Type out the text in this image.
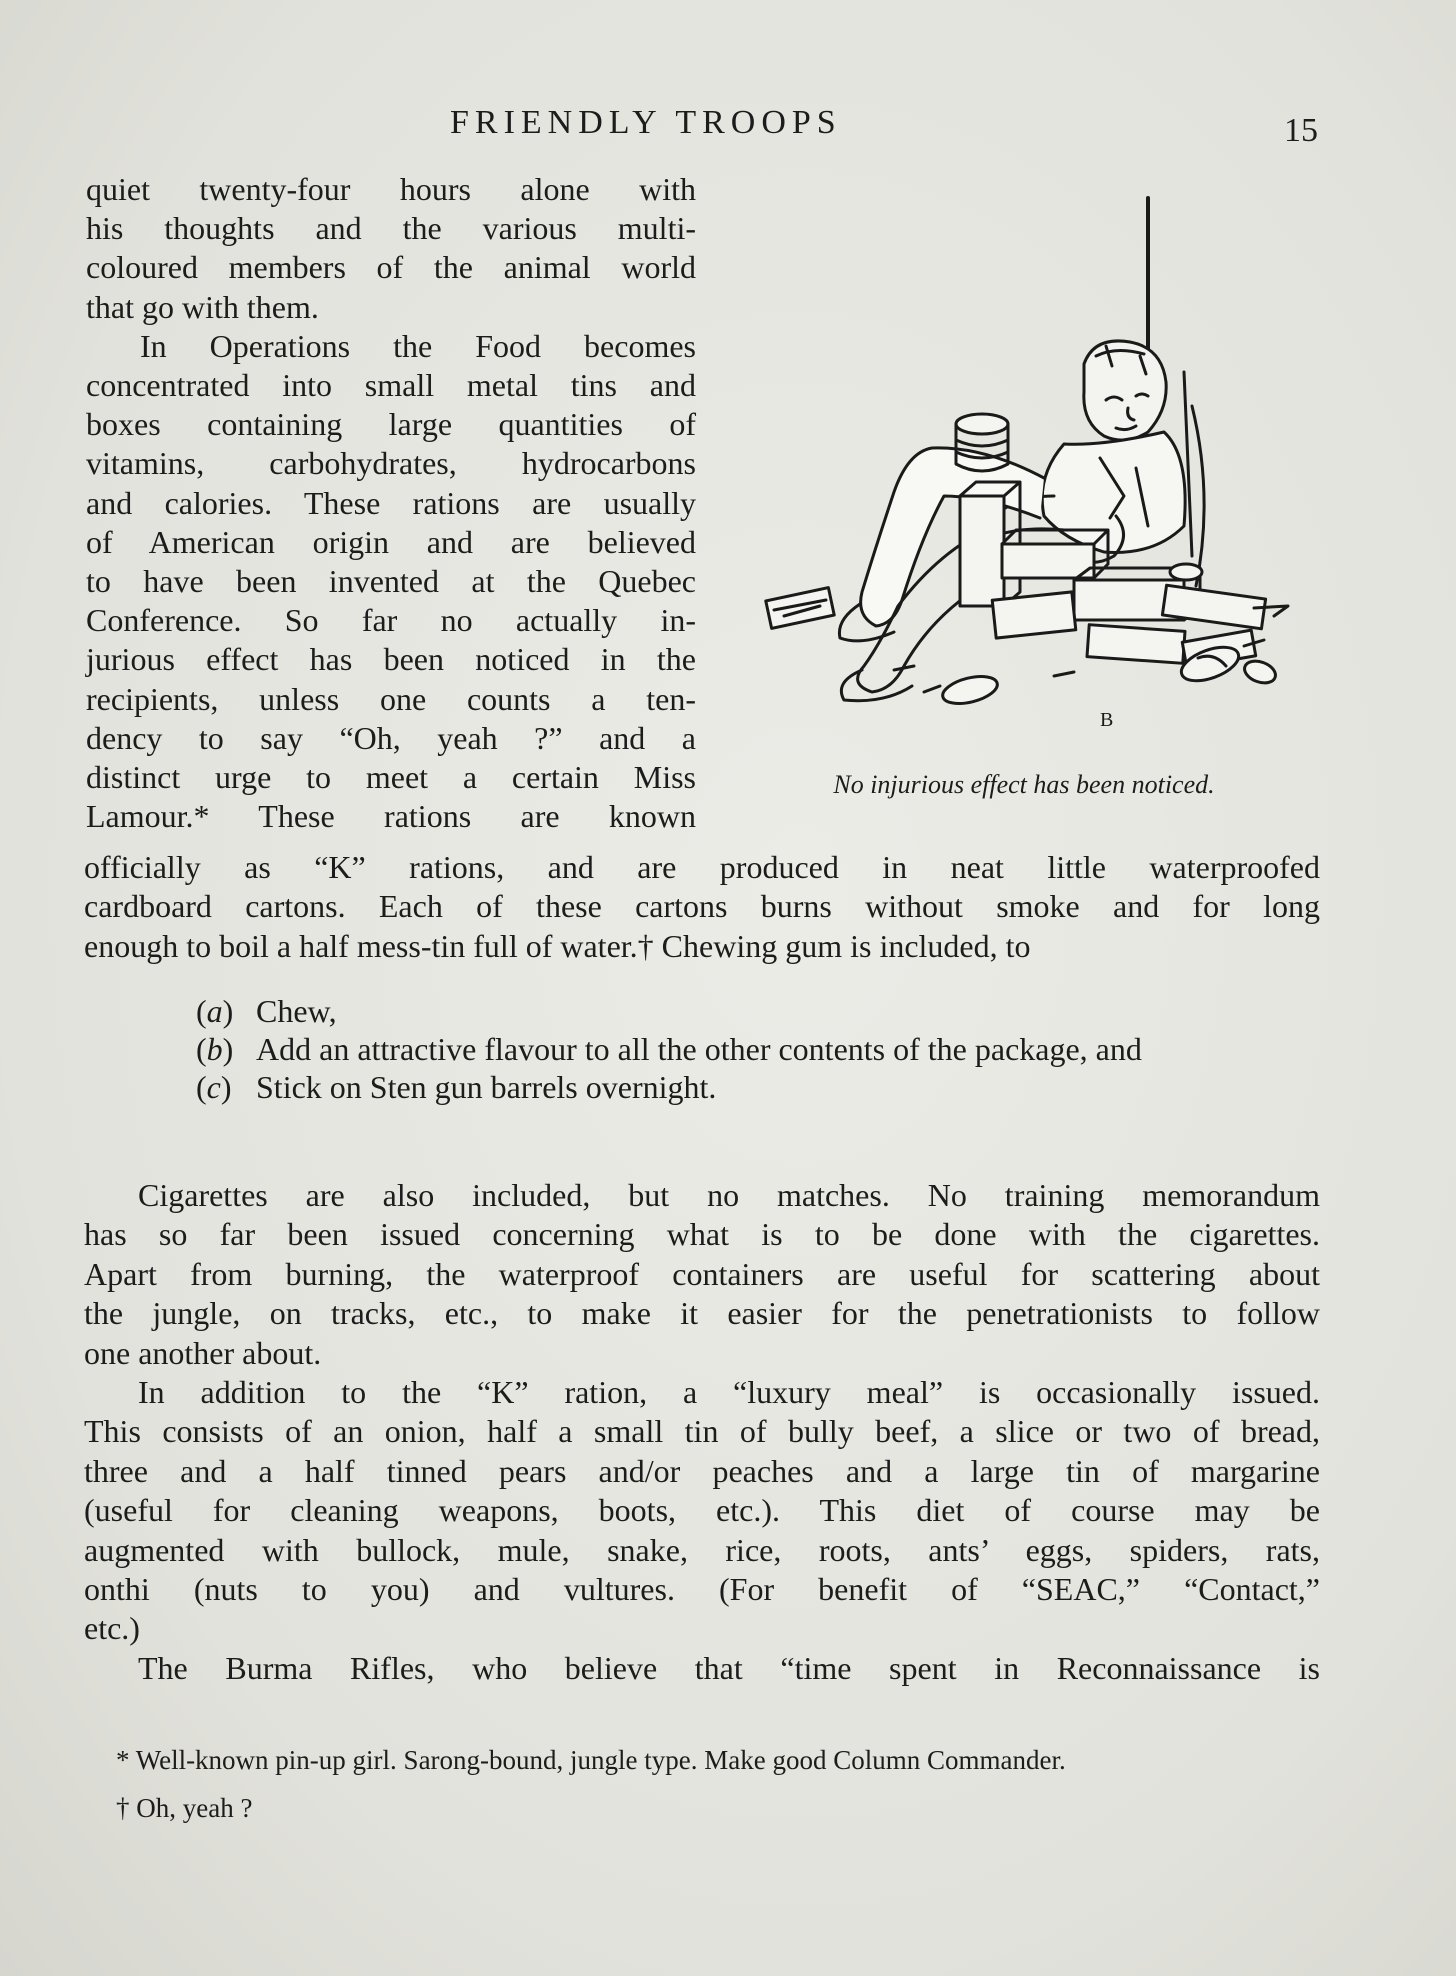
FRIENDLY TROOPS	15
quiet twenty-four hours alone with
his thoughts and the various multi-
coloured members of the animal world
that go with them.
In Operations the Food becomes
concentrated into small metal tins and
boxes containing large quantities of
vitamins, carbohydrates, hydrocarbons
and calories. These rations are usually
of American origin and are believed
to have been invented at the Quebec
Conference. So far no actually in-
jurious effect has been noticed in the
recipients, unless one counts a ten-
dency to say “Oh, yeah ?” and a
distinct urge to meet a certain Miss
Lamour.* These rations are known
B
No injurious effect has been noticed.
officially as “K” rations, and are produced in neat little waterproofed
cardboard cartons. Each of these cartons burns without smoke and for long
enough to boil a half mess-tin full of water.† Chewing gum is included, to
(a) Chew,
(b) Add an attractive flavour to all the other contents of the package, and
(c) Stick on Sten gun barrels overnight.
Cigarettes are also included, but no matches. No training memorandum
has so far been issued concerning what is to be done with the cigarettes.
Apart from burning, the waterproof containers are useful for scattering about
the jungle, on tracks, etc., to make it easier for the penetrationists to follow
one another about.
In addition to the “K” ration, a “luxury meal” is occasionally issued.
This consists of an onion, half a small tin of bully beef, a slice or two of bread,
three and a half tinned pears and/or peaches and a large tin of margarine
(useful for cleaning weapons, boots, etc.). This diet of course may be
augmented with bullock, mule, snake, rice, roots, ants’ eggs, spiders, rats,
onthi (nuts to you) and vultures. (For benefit of “SEAC,” “Contact,”
etc.)
The Burma Rifles, who believe that “time spent in Reconnaissance is
* Well-known pin-up girl. Sarong-bound, jungle type. Make good Column Commander.
† Oh, yeah ?
